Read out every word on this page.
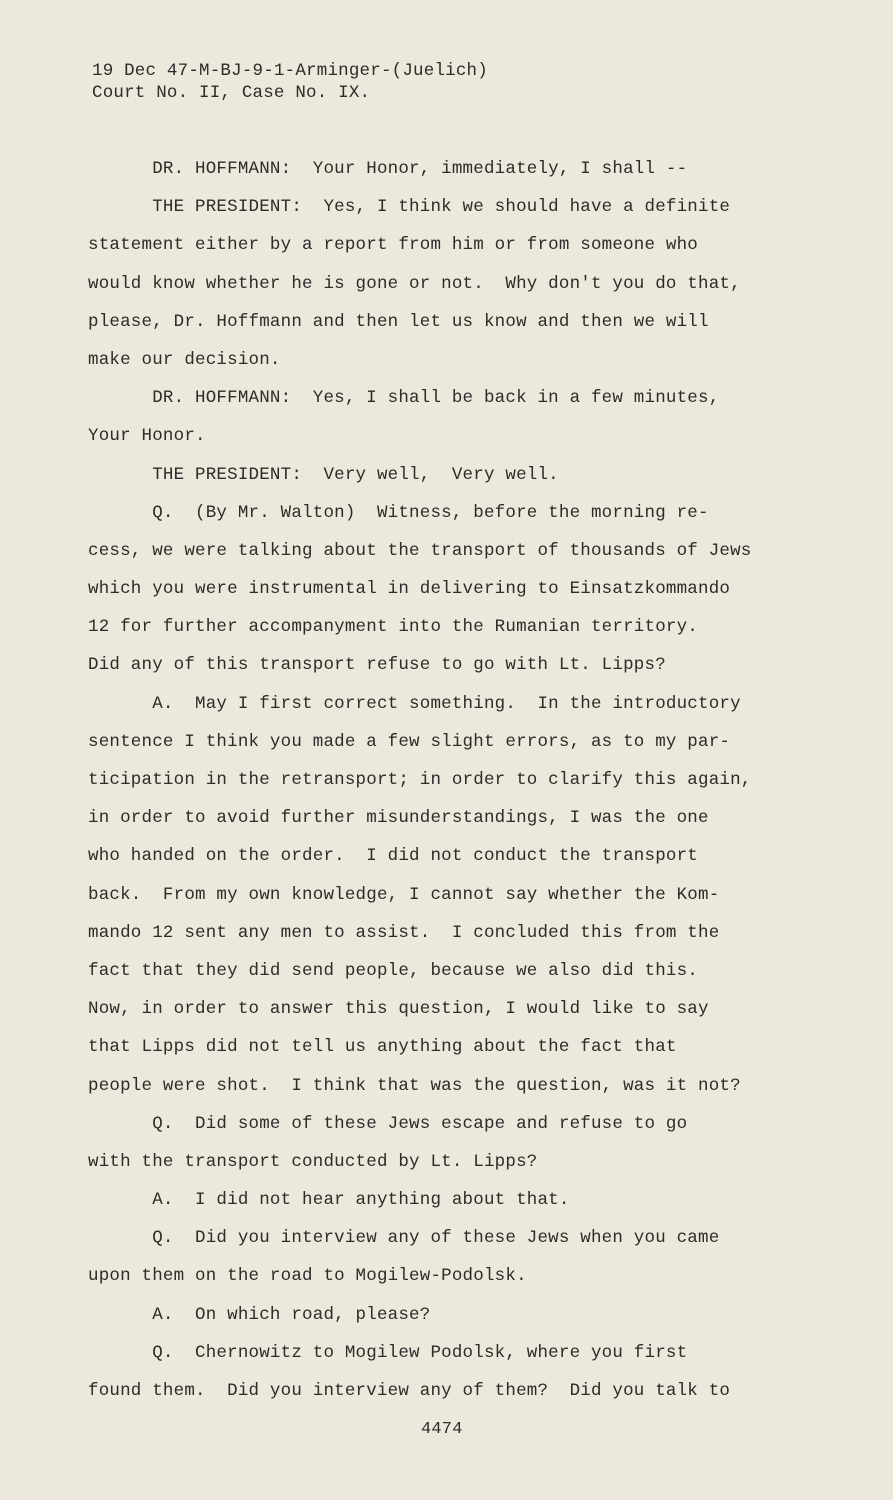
19 Dec 47-M-BJ-9-1-Arminger-(Juelich)
Court No. II, Case No. IX.
DR. HOFFMANN:  Your Honor, immediately, I shall --
THE PRESIDENT:  Yes, I think we should have a definite
statement either by a report from him or from someone who
would know whether he is gone or not.  Why don't you do that,
please, Dr. Hoffmann and then let us know and then we will
make our decision.
DR. HOFFMANN:  Yes, I shall be back in a few minutes,
Your Honor.
THE PRESIDENT:  Very well,  Very well.
Q.  (By Mr. Walton)  Witness, before the morning re-
cess, we were talking about the transport of thousands of Jews
which you were instrumental in delivering to Einsatzkommando
12 for further accompanyment into the Rumanian territory.
Did any of this transport refuse to go with Lt. Lipps?
A.  May I first correct something.  In the introductory
sentence I think you made a few slight errors, as to my par-
ticipation in the retransport; in order to clarify this again,
in order to avoid further misunderstandings, I was the one
who handed on the order.  I did not conduct the transport
back.  From my own knowledge, I cannot say whether the Kom-
mando 12 sent any men to assist.  I concluded this from the
fact that they did send people, because we also did this.
Now, in order to answer this question, I would like to say
that Lipps did not tell us anything about the fact that
people were shot.  I think that was the question, was it not?
Q.  Did some of these Jews escape and refuse to go
with the transport conducted by Lt. Lipps?
A.  I did not hear anything about that.
Q.  Did you interview any of these Jews when you came
upon them on the road to Mogilew-Podolsk.
A.  On which road, please?
Q.  Chernowitz to Mogilew Podolsk, where you first
found them.  Did you interview any of them?  Did you talk to
4474
